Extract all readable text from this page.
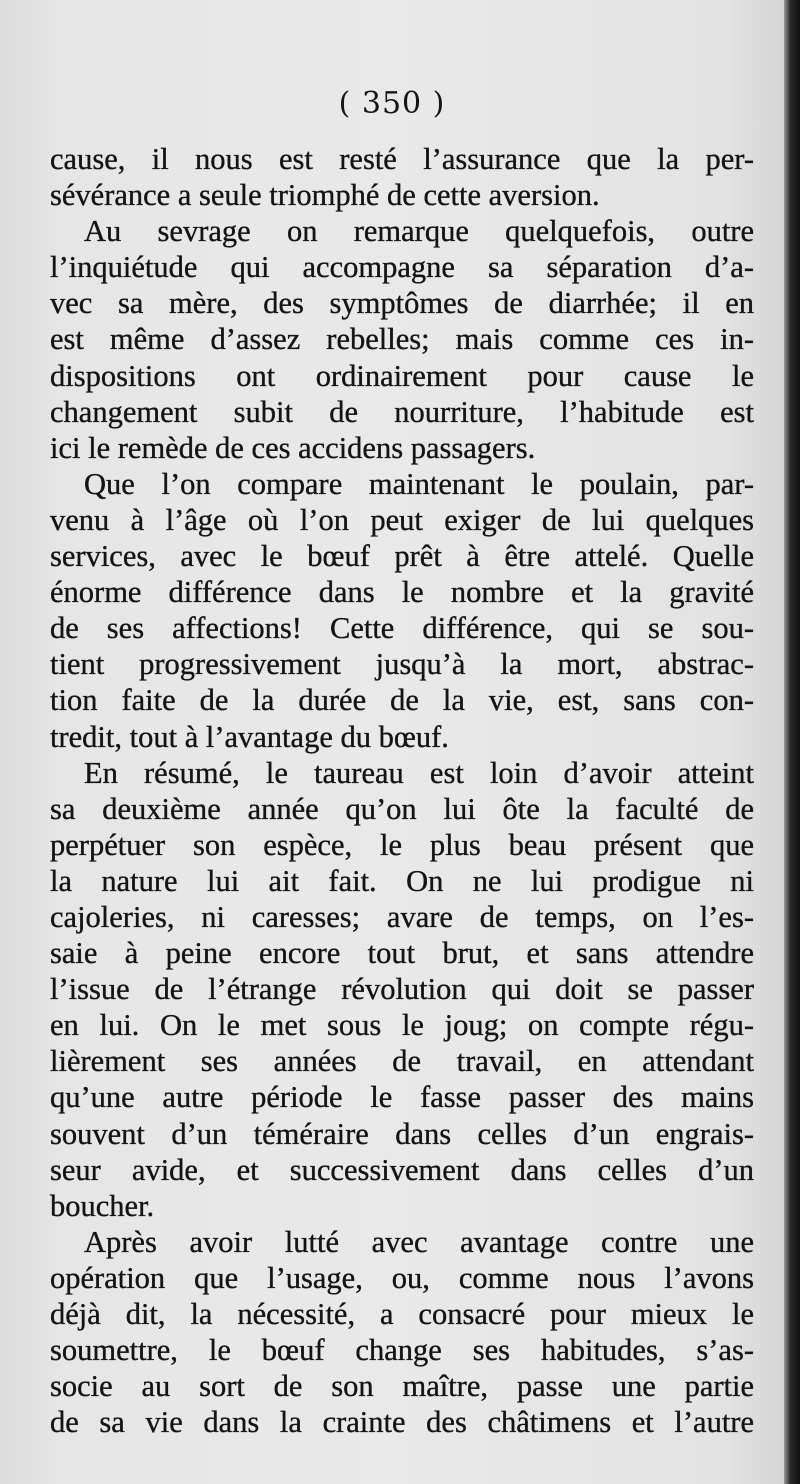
( 350 )
cause, il nous est resté l’assurance que la per-
sévérance a seule triomphé de cette aversion.
Au sevrage on remarque quelquefois, outre
l’inquiétude qui accompagne sa séparation d’a-
vec sa mère, des symptômes de diarrhée; il en
est même d’assez rebelles; mais comme ces in-
dispositions ont ordinairement pour cause le
changement subit de nourriture, l’habitude est
ici le remède de ces accidens passagers.
Que l’on compare maintenant le poulain, par-
venu à l’âge où l’on peut exiger de lui quelques
services, avec le bœuf prêt à être attelé. Quelle
énorme différence dans le nombre et la gravité
de ses affections! Cette différence, qui se sou-
tient progressivement jusqu’à la mort, abstrac-
tion faite de la durée de la vie, est, sans con-
tredit, tout à l’avantage du bœuf.
En résumé, le taureau est loin d’avoir atteint
sa deuxième année qu’on lui ôte la faculté de
perpétuer son espèce, le plus beau présent que
la nature lui ait fait. On ne lui prodigue ni
cajoleries, ni caresses; avare de temps, on l’es-
saie à peine encore tout brut, et sans attendre
l’issue de l’étrange révolution qui doit se passer
en lui. On le met sous le joug; on compte régu-
lièrement ses années de travail, en attendant
qu’une autre période le fasse passer des mains
souvent d’un téméraire dans celles d’un engrais-
seur avide, et successivement dans celles d’un
boucher.
Après avoir lutté avec avantage contre une
opération que l’usage, ou, comme nous l’avons
déjà dit, la nécessité, a consacré pour mieux le
soumettre, le bœuf change ses habitudes, s’as-
socie au sort de son maître, passe une partie
de sa vie dans la crainte des châtimens et l’autre
